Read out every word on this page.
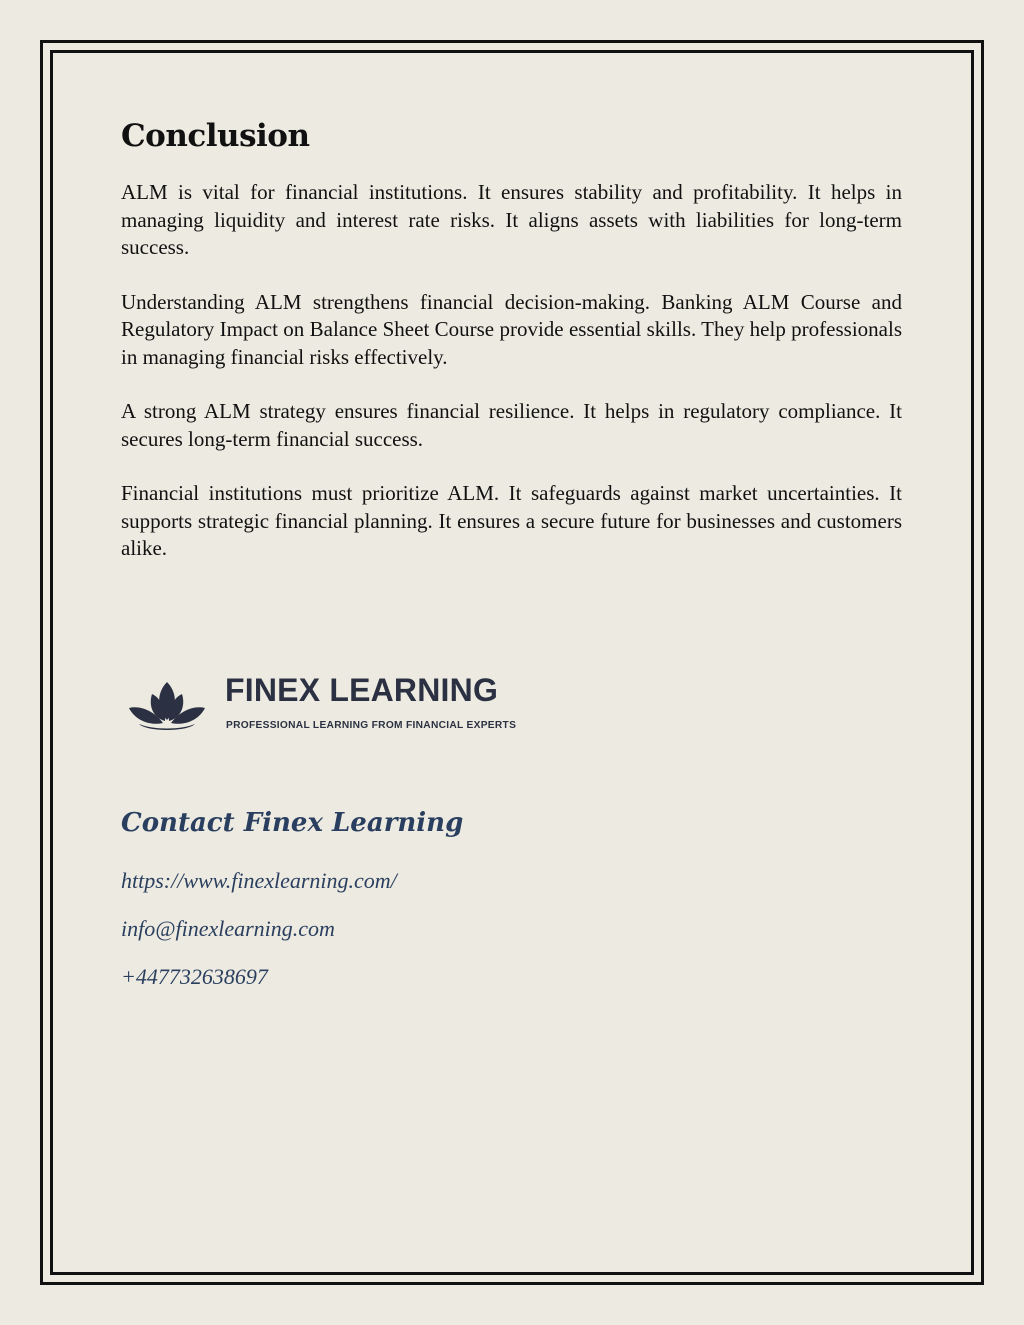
Conclusion

ALM is vital for financial institutions. It ensures stability and profitability. It helps in managing liquidity and interest rate risks. It aligns assets with liabilities for long-term success.

Understanding ALM strengthens financial decision-making. Banking ALM Course and Regulatory Impact on Balance Sheet Course provide essential skills. They help professionals in managing financial risks effectively.

A strong ALM strategy ensures financial resilience. It helps in regulatory compliance. It secures long-term financial success.

Financial institutions must prioritize ALM. It safeguards against market uncertainties. It supports strategic financial planning. It ensures a secure future for businesses and customers alike.

FINEX LEARNING
PROFESSIONAL LEARNING FROM FINANCIAL EXPERTS
Contact Finex Learning
https://www.finexlearning.com/
info@finexlearning.com
+447732638697
